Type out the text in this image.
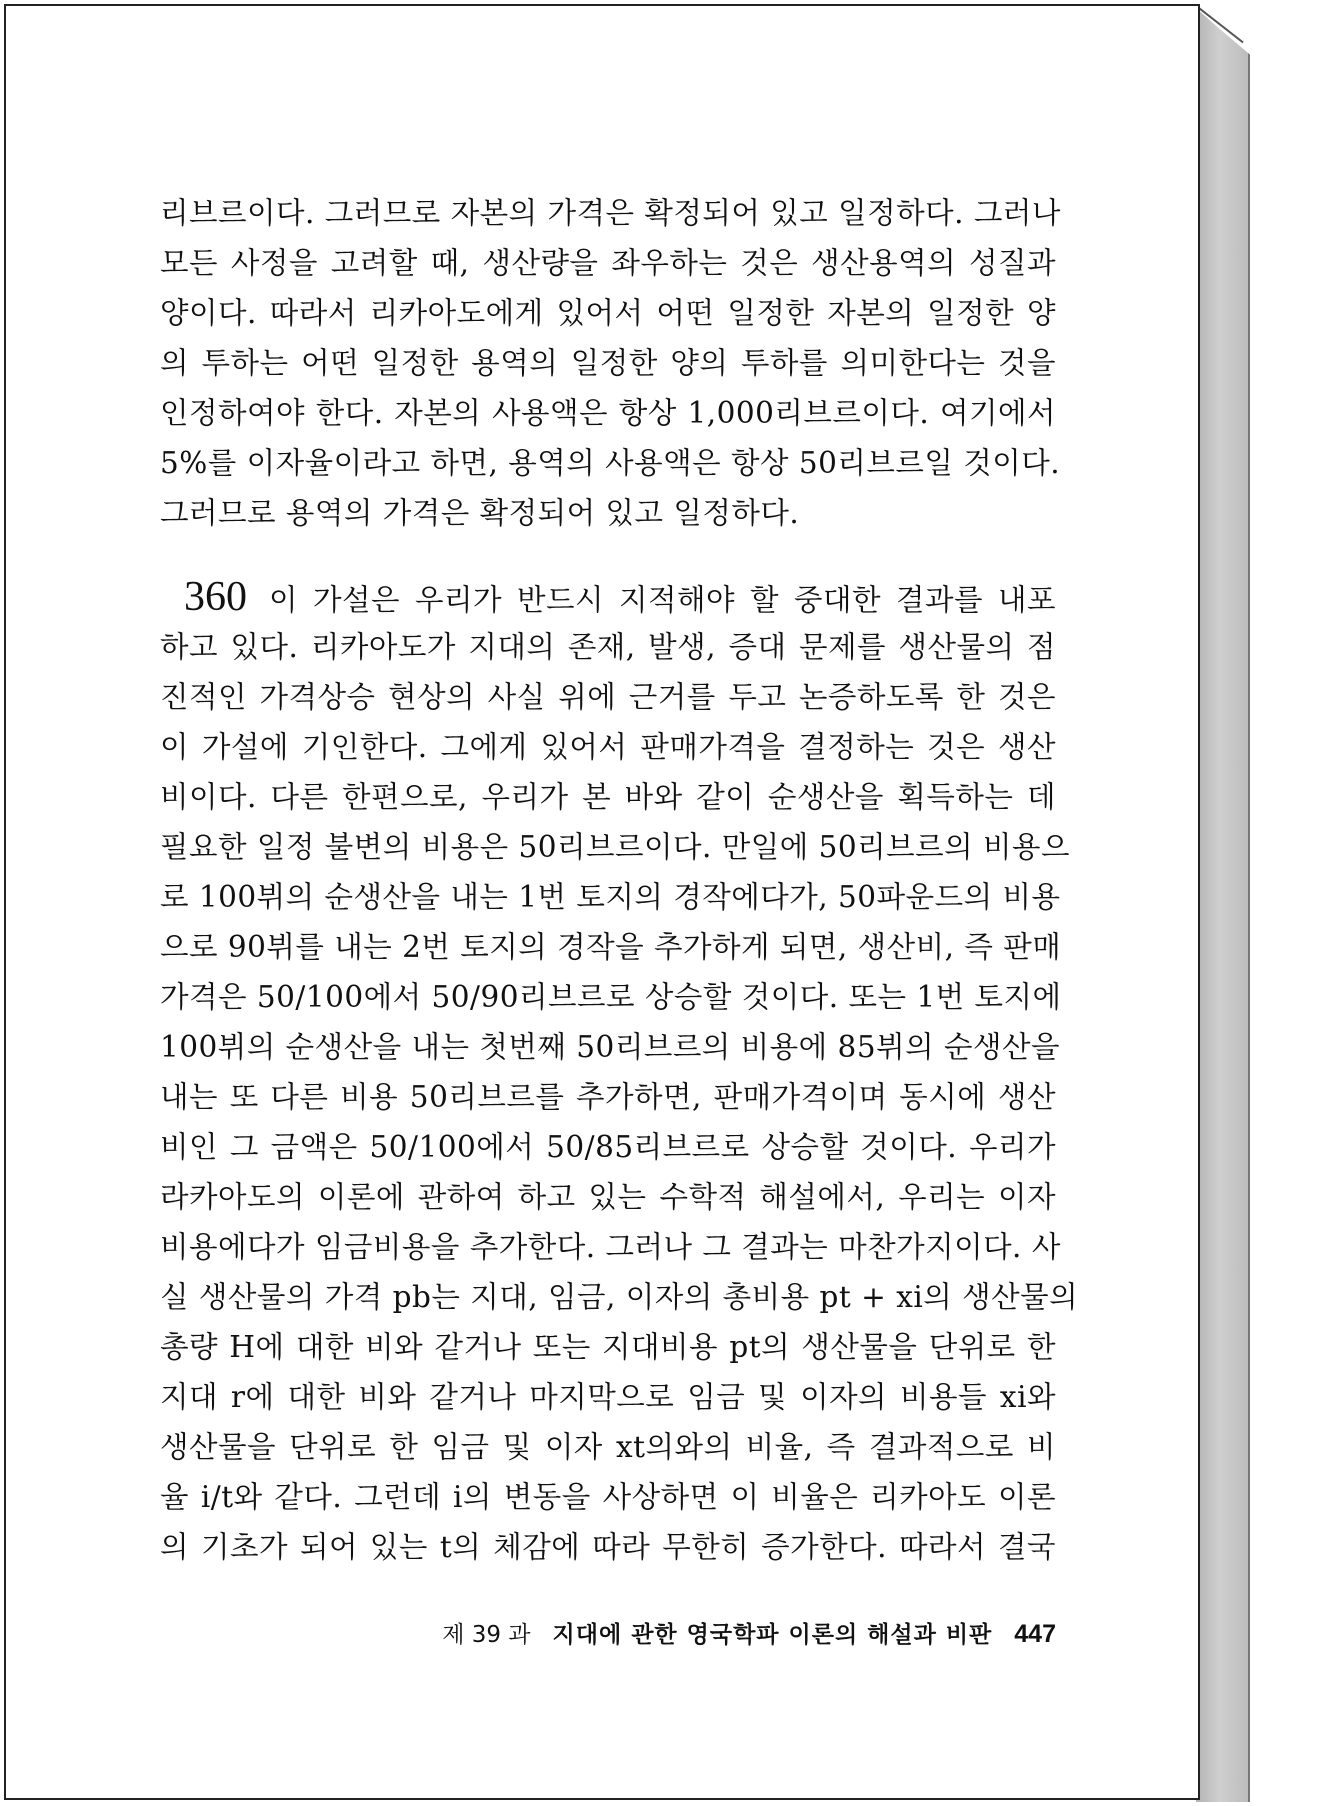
리브르이다. 그러므로 자본의 가격은 확정되어 있고 일정하다. 그러나
모든 사정을 고려할 때, 생산량을 좌우하는 것은 생산용역의 성질과
양이다. 따라서 리카아도에게 있어서 어떤 일정한 자본의 일정한 양
의 투하는 어떤 일정한 용역의 일정한 양의 투하를 의미한다는 것을
인정하여야 한다. 자본의 사용액은 항상 1,000리브르이다. 여기에서
5%를 이자율이라고 하면, 용역의 사용액은 항상 50리브르일 것이다.
그러므로 용역의 가격은 확정되어 있고 일정하다.
360 이 가설은 우리가 반드시 지적해야 할 중대한 결과를 내포
하고 있다. 리카아도가 지대의 존재, 발생, 증대 문제를 생산물의 점
진적인 가격상승 현상의 사실 위에 근거를 두고 논증하도록 한 것은
이 가설에 기인한다. 그에게 있어서 판매가격을 결정하는 것은 생산
비이다. 다른 한편으로, 우리가 본 바와 같이 순생산을 획득하는 데
필요한 일정 불변의 비용은 50리브르이다. 만일에 50리브르의 비용으
로 100뷔의 순생산을 내는 1번 토지의 경작에다가, 50파운드의 비용
으로 90뷔를 내는 2번 토지의 경작을 추가하게 되면, 생산비, 즉 판매
가격은 50/100에서 50/90리브르로 상승할 것이다. 또는 1번 토지에
100뷔의 순생산을 내는 첫번째 50리브르의 비용에 85뷔의 순생산을
내는 또 다른 비용 50리브르를 추가하면, 판매가격이며 동시에 생산
비인 그 금액은 50/100에서 50/85리브르로 상승할 것이다. 우리가
라카아도의 이론에 관하여 하고 있는 수학적 해설에서, 우리는 이자
비용에다가 임금비용을 추가한다. 그러나 그 결과는 마찬가지이다. 사
실 생산물의 가격 pb는 지대, 임금, 이자의 총비용 pt + xi의 생산물의
총량 H에 대한 비와 같거나 또는 지대비용 pt의 생산물을 단위로 한
지대 r에 대한 비와 같거나 마지막으로 임금 및 이자의 비용들 xi와
생산물을 단위로 한 임금 및 이자 xt의와의 비율, 즉 결과적으로 비
율 i/t와 같다. 그런데 i의 변동을 사상하면 이 비율은 리카아도 이론
의 기초가 되어 있는 t의 체감에 따라 무한히 증가한다. 따라서 결국
제 39 과 지대에 관한 영국학파 이론의 해설과 비판 447
